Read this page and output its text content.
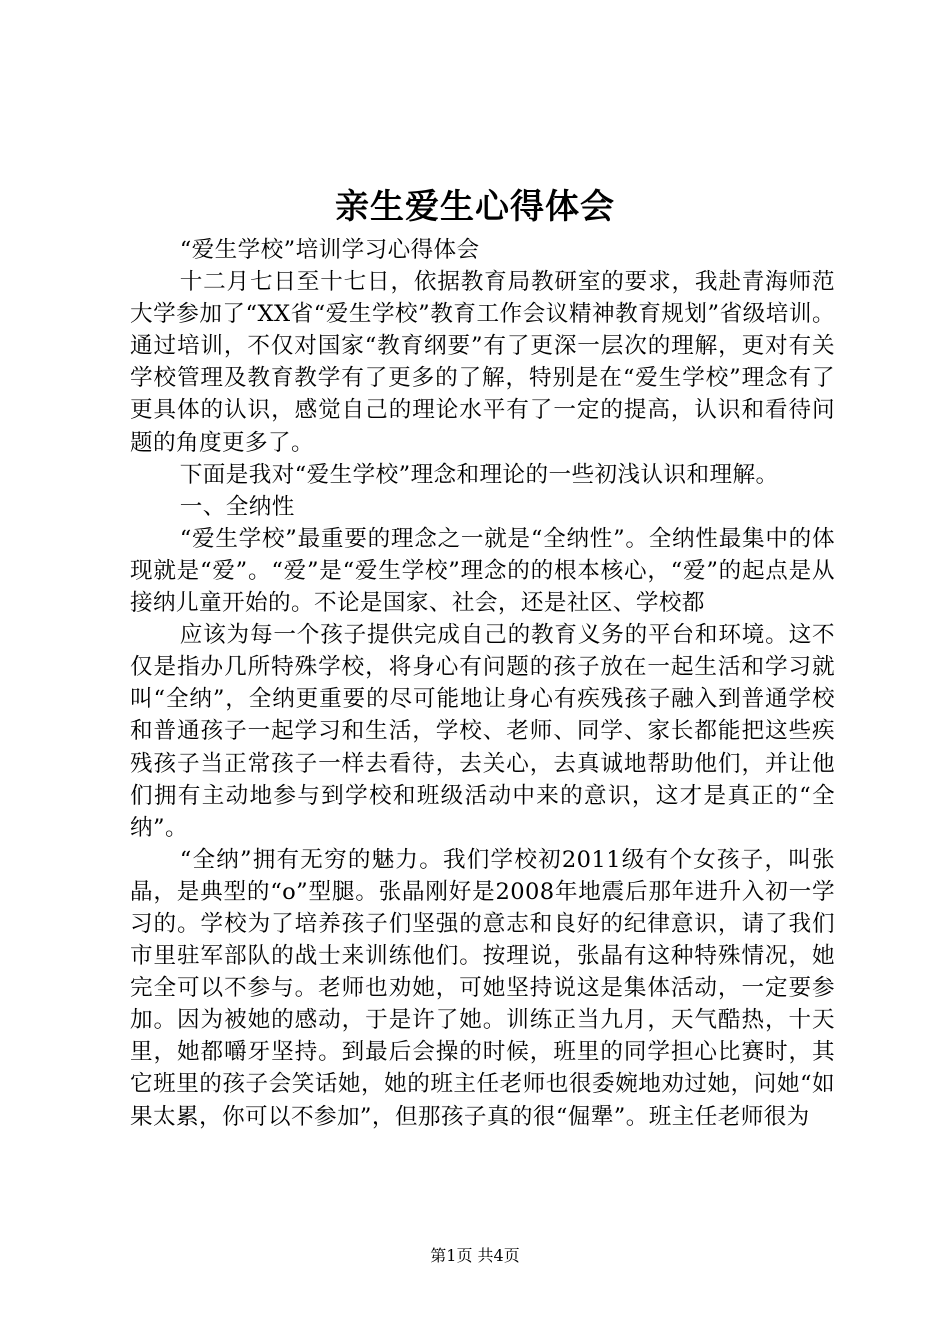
亲生爱生心得体会

“爱生学校”培训学习心得体会

十二月七日至十七日，依据教育局教研室的要求，我赴青海师范大学参加了“XX省“爱生学校”教育工作会议精神教育规划”省级培训。通过培训，不仅对国家“教育纲要”有了更深一层次的理解，更对有关学校管理及教育教学有了更多的了解，特别是在“爱生学校”理念有了更具体的认识，感觉自己的理论水平有了一定的提高，认识和看待问题的角度更多了。

下面是我对“爱生学校”理念和理论的一些初浅认识和理解。

一、全纳性

“爱生学校”最重要的理念之一就是“全纳性”。全纳性最集中的体现就是“爱”。“爱”是“爱生学校”理念的的根本核心，“爱”的起点是从接纳儿童开始的。不论是国家、社会，还是社区、学校都

应该为每一个孩子提供完成自己的教育义务的平台和环境。这不仅是指办几所特殊学校，将身心有问题的孩子放在一起生活和学习就叫“全纳”，全纳更重要的尽可能地让身心有疾残孩子融入到普通学校和普通孩子一起学习和生活，学校、老师、同学、家长都能把这些疾残孩子当正常孩子一样去看待，去关心，去真诚地帮助他们，并让他们拥有主动地参与到学校和班级活动中来的意识，这才是真正的“全纳”。

“全纳”拥有无穷的魅力。我们学校初2011级有个女孩子，叫张晶，是典型的“o”型腿。张晶刚好是2008年地震后那年进升入初一学习的。学校为了培养孩子们坚强的意志和良好的纪律意识，请了我们市里驻军部队的战士来训练他们。按理说，张晶有这种特殊情况，她完全可以不参与。老师也劝她，可她坚持说这是集体活动，一定要参加。因为被她的感动，于是许了她。训练正当九月，天气酷热，十天里，她都嚼牙坚持。到最后会操的时候，班里的同学担心比赛时，其它班里的孩子会笑话她，她的班主任老师也很委婉地劝过她，问她“如果太累，你可以不参加”，但那孩子真的很“倔犟”。班主任老师很为

第1页 共4页
